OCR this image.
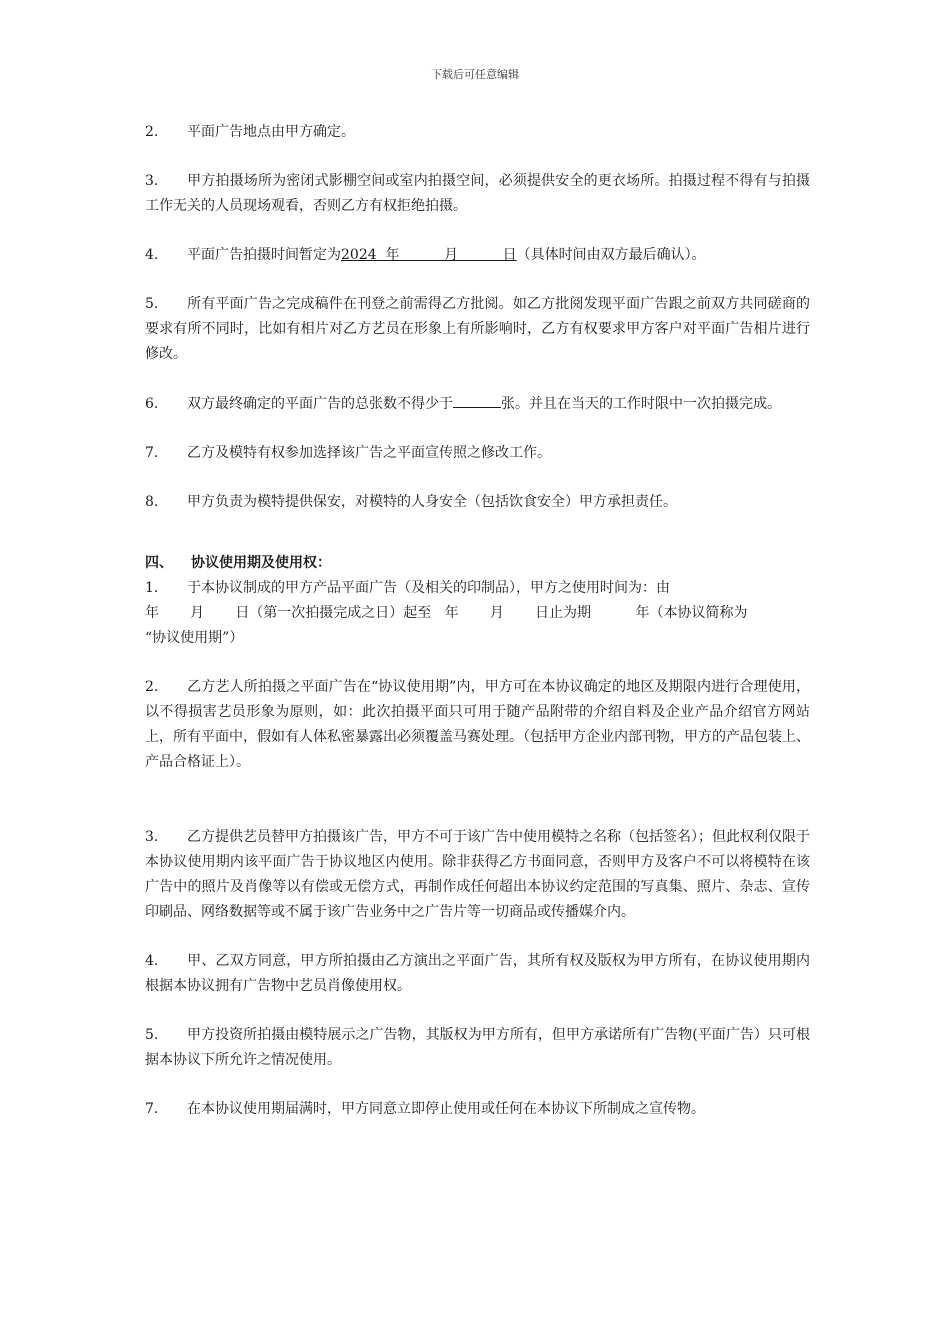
下载后可任意编辑

2. 平面广告地点由甲方确定。

3. 甲方拍摄场所为密闭式影棚空间或室内拍摄空间，必须提供安全的更衣场所。拍摄过程不得有与拍摄工作无关的人员现场观看，否则乙方有权拒绝拍摄。

4. 平面广告拍摄时间暂定为2024 年	月	日（具体时间由双方最后确认）。

5. 所有平面广告之完成稿件在刊登之前需得乙方批阅。如乙方批阅发现平面广告跟之前双方共同磋商的要求有所不同时，比如有相片对乙方艺员在形象上有所影响时，乙方有权要求甲方客户对平面广告相片进行修改。

6. 双方最终确定的平面广告的总张数不得少于	张。并且在当天的工作时限中一次拍摄完成。

7. 乙方及模特有权参加选择该广告之平面宣传照之修改工作。

8. 甲方负责为模特提供保安，对模特的人身安全（包括饮食安全）甲方承担责任。

四、 协议使用期及使用权：

1. 于本协议制成的甲方产品平面广告（及相关的印制品），甲方之使用时间为：由
年 月 日（第一次拍摄完成之日）起至 年 月 日止为期	年（本协议简称为
“协议使用期”）

2. 乙方艺人所拍摄之平面广告在“协议使用期”内，甲方可在本协议确定的地区及期限内进行合理使用，以不得损害艺员形象为原则，如：此次拍摄平面只可用于随产品附带的介绍自料及企业产品介绍官方网站上，所有平面中，假如有人体私密暴露出必须覆盖马赛处理。（包括甲方企业内部刊物，甲方的产品包装上、产品合格证上）。

3. 乙方提供艺员替甲方拍摄该广告，甲方不可于该广告中使用模特之名称（包括签名）；但此权利仅限于本协议使用期内该平面广告于协议地区内使用。除非获得乙方书面同意，否则甲方及客户不可以将模特在该广告中的照片及肖像等以有偿或无偿方式，再制作成任何超出本协议约定范围的写真集、照片、杂志、宣传印刷品、网络数据等或不属于该广告业务中之广告片等一切商品或传播媒介内。

4. 甲、乙双方同意，甲方所拍摄由乙方演出之平面广告，其所有权及版权为甲方所有，在协议使用期内根据本协议拥有广告物中艺员肖像使用权。

5. 甲方投资所拍摄由模特展示之广告物，其版权为甲方所有，但甲方承诺所有广告物(平面广告）只可根据本协议下所允许之情况使用。

7. 在本协议使用期届满时，甲方同意立即停止使用或任何在本协议下所制成之宣传物。
